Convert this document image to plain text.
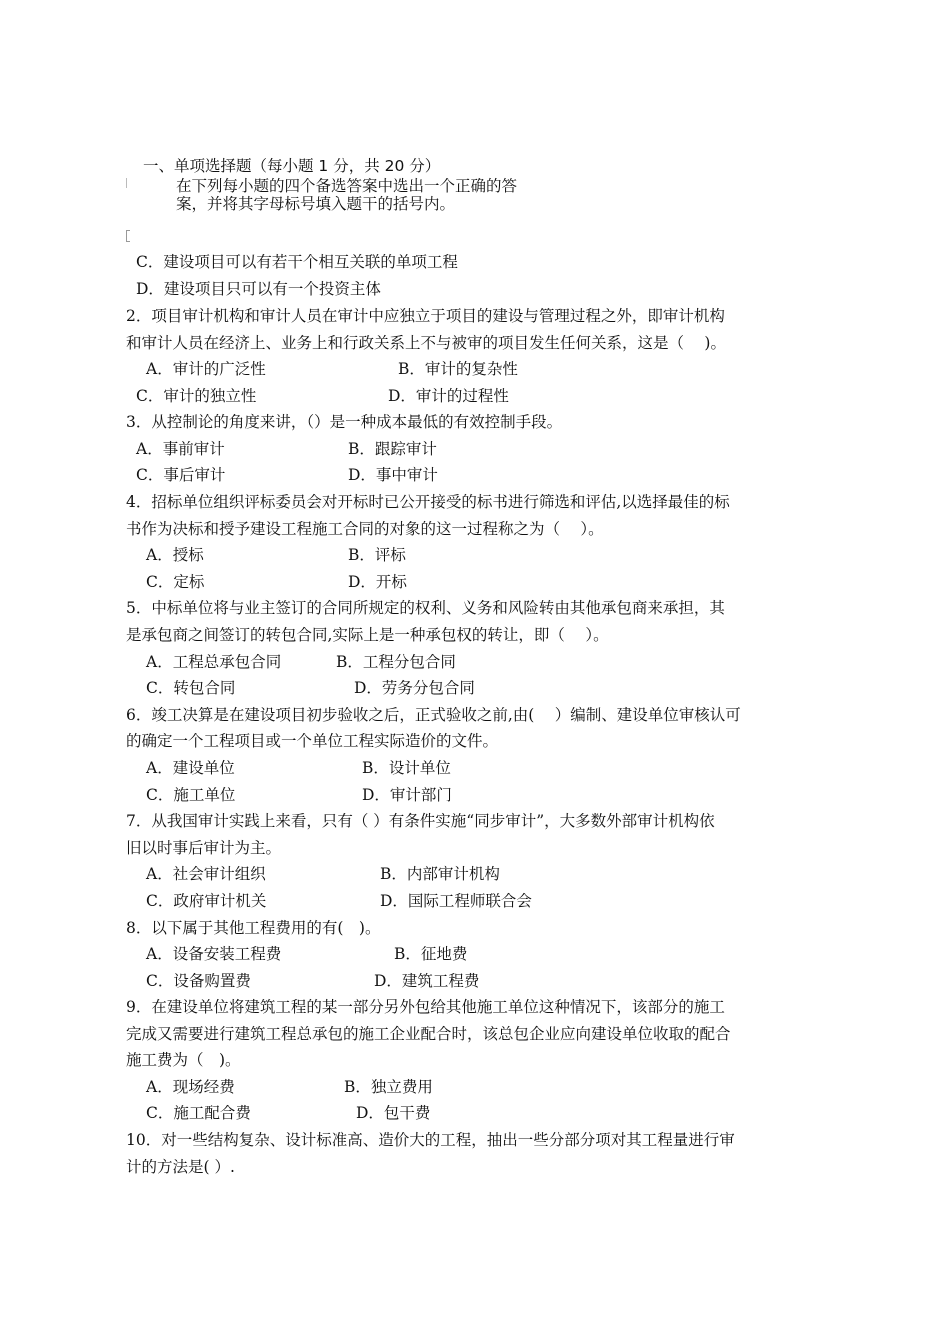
一、单项选择题（每小题 1 分，共 20 分）
在下列每小题的四个备选答案中选出一个正确的答
案，并将其字母标号填入题干的括号内。
C．建设项目可以有若干个相互关联的单项工程
D．建设项目只可以有一个投资主体
2．项目审计机构和审计人员在审计中应独立于项目的建设与管理过程之外，即审计机构
和审计人员在经济上、业务上和行政关系上不与被审的项目发生任何关系，这是（　 )。
A．审计的广泛性	B．审计的复杂性
C．审计的独立性	D．审计的过程性
3．从控制论的角度来讲，（）是一种成本最低的有效控制手段。
A．事前审计	B．跟踪审计
C．事后审计	D．事中审计
4．招标单位组织评标委员会对开标时已公开接受的标书进行筛选和评估,以选择最佳的标
书作为决标和授予建设工程施工合同的对象的这一过程称之为（　 ）。
A．授标	B．评标
C．定标	D．开标
5．中标单位将与业主签订的合同所规定的权利、义务和风险转由其他承包商来承担，其
是承包商之间签订的转包合同,实际上是一种承包权的转让，即（　 ）。
A．工程总承包合同	B．工程分包合同
C．转包合同	D．劳务分包合同
6．竣工决算是在建设项目初步验收之后，正式验收之前,由(　 ）编制、建设单位审核认可
的确定一个工程项目或一个单位工程实际造价的文件。
A．建设单位	B．设计单位
C．施工单位	D．审计部门
7．从我国审计实践上来看，只有（ ）有条件实施“同步审计”，大多数外部审计机构依
旧以时事后审计为主。
A．社会审计组织	B．内部审计机构
C．政府审计机关	D．国际工程师联合会
8．以下属于其他工程费用的有(　)。
A．设备安装工程费	B．征地费
C．设备购置费	D．建筑工程费
9．在建设单位将建筑工程的某一部分另外包给其他施工单位这种情况下，该部分的施工
完成又需要进行建筑工程总承包的施工企业配合时，该总包企业应向建设单位收取的配合
施工费为（　)。
A．现场经费	B．独立费用
C．施工配合费	D．包干费
10．对一些结构复杂、设计标准高、造价大的工程，抽出一些分部分项对其工程量进行审
计的方法是( ）.
